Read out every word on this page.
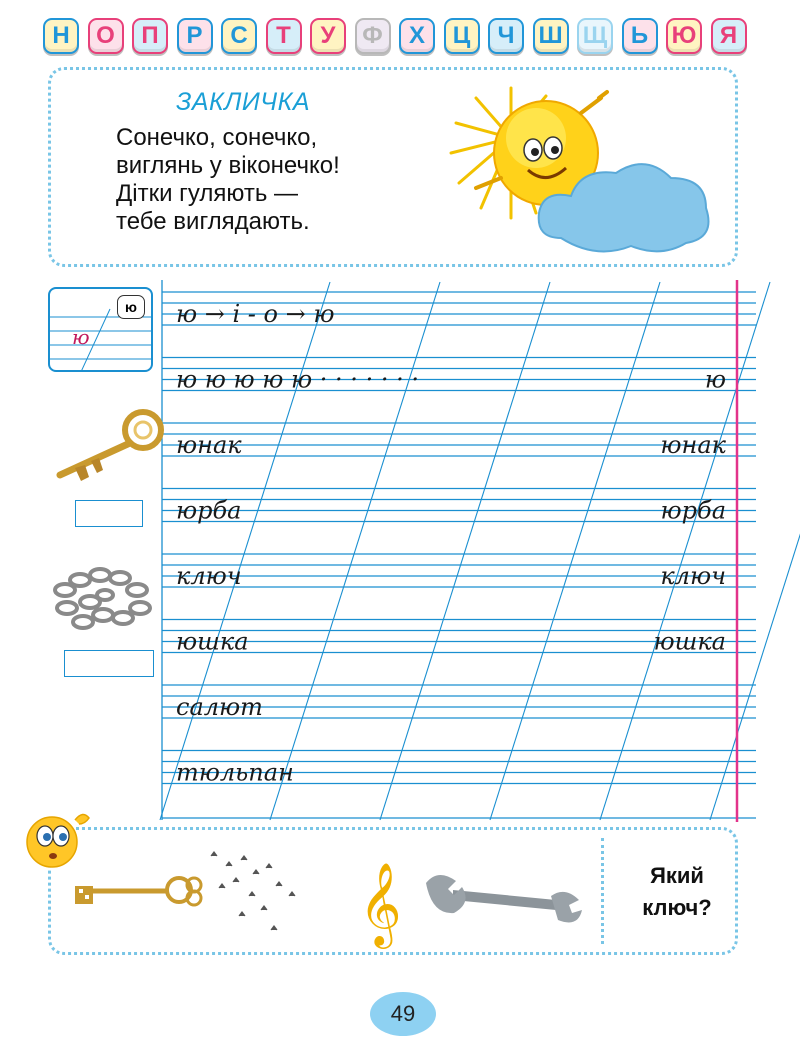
Н	О	П	Р	С	Т	У	Ф	Х	Ц	Ч	Ш Щ Ь Ю Я
ЗАКЛИЧКА
Сонечко, сонечко,
виглянь у віконечко!
Дітки гуляють —
тебе виглядають.
ю → і - о → ю
ю ю ю ю ю · · · · · · ·	ю
юнак	юнак
юрба	юрба
ключ	ключ
юшка	юшка
салют
тюльпан
ю
ю
Який
ключ?
𝄞
49
